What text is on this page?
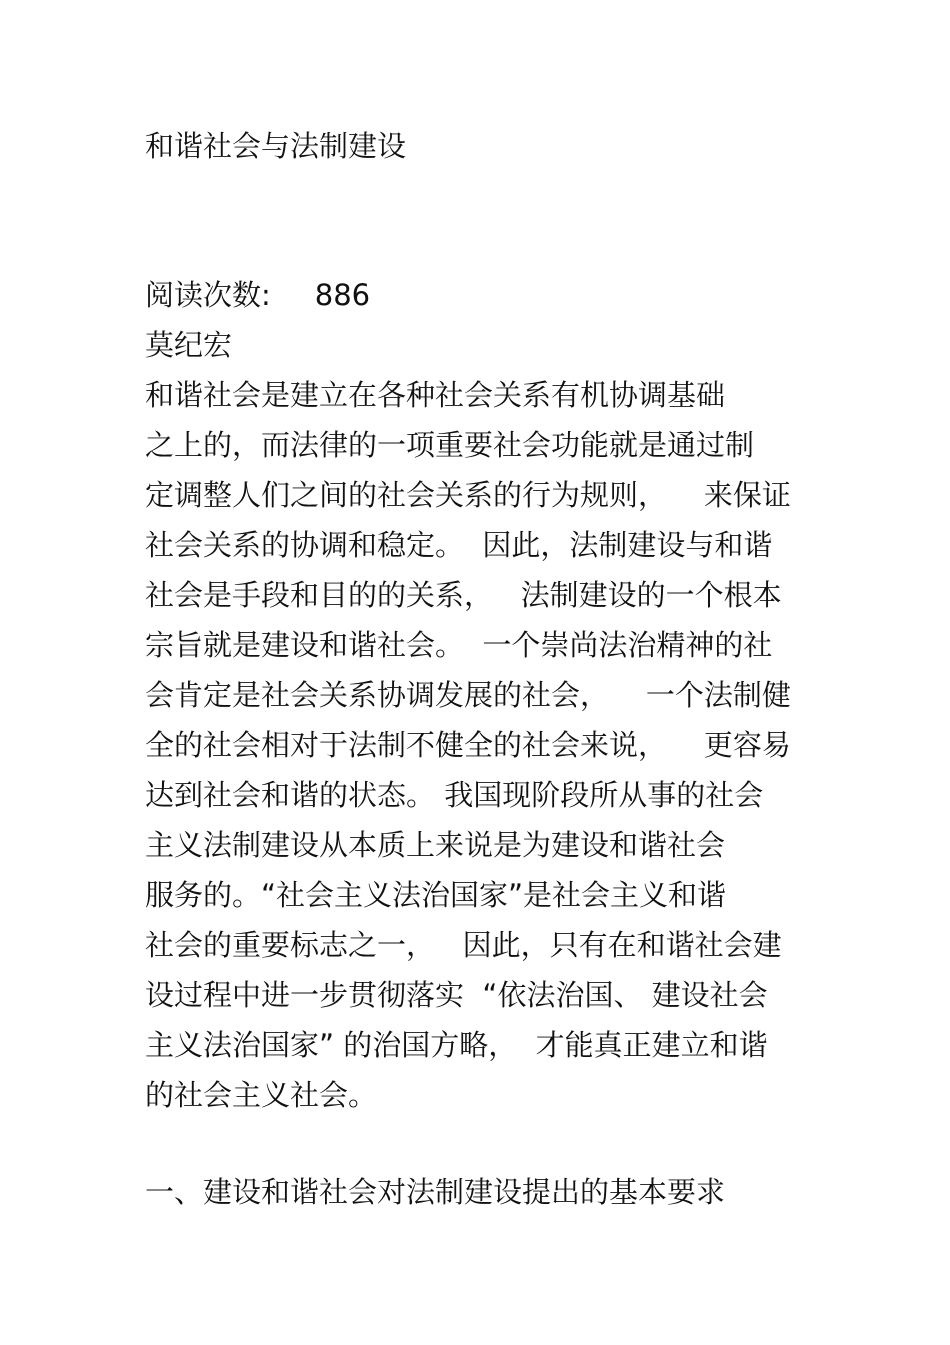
和谐社会与法制建设
阅读次数: 886
莫纪宏
和谐社会是建立在各种社会关系有机协调基础
之上的，而法律的一项重要社会功能就是通过制
定调整人们之间的社会关系的行为规则，    来保证
社会关系的协调和稳定。  因此，法制建设与和谐
社会是手段和目的的关系，   法制建设的一个根本
宗旨就是建设和谐社会。  一个崇尚法治精神的社
会肯定是社会关系协调发展的社会，    一个法制健
全的社会相对于法制不健全的社会来说，    更容易
达到社会和谐的状态。 我国现阶段所从事的社会
主义法制建设从本质上来说是为建设和谐社会
服务的。“社会主义法治国家”是社会主义和谐
社会的重要标志之一，   因此，只有在和谐社会建
设过程中进一步贯彻落实  “依法治国、 建设社会
主义法治国家” 的治国方略，  才能真正建立和谐
的社会主义社会。
一、建设和谐社会对法制建设提出的基本要求
